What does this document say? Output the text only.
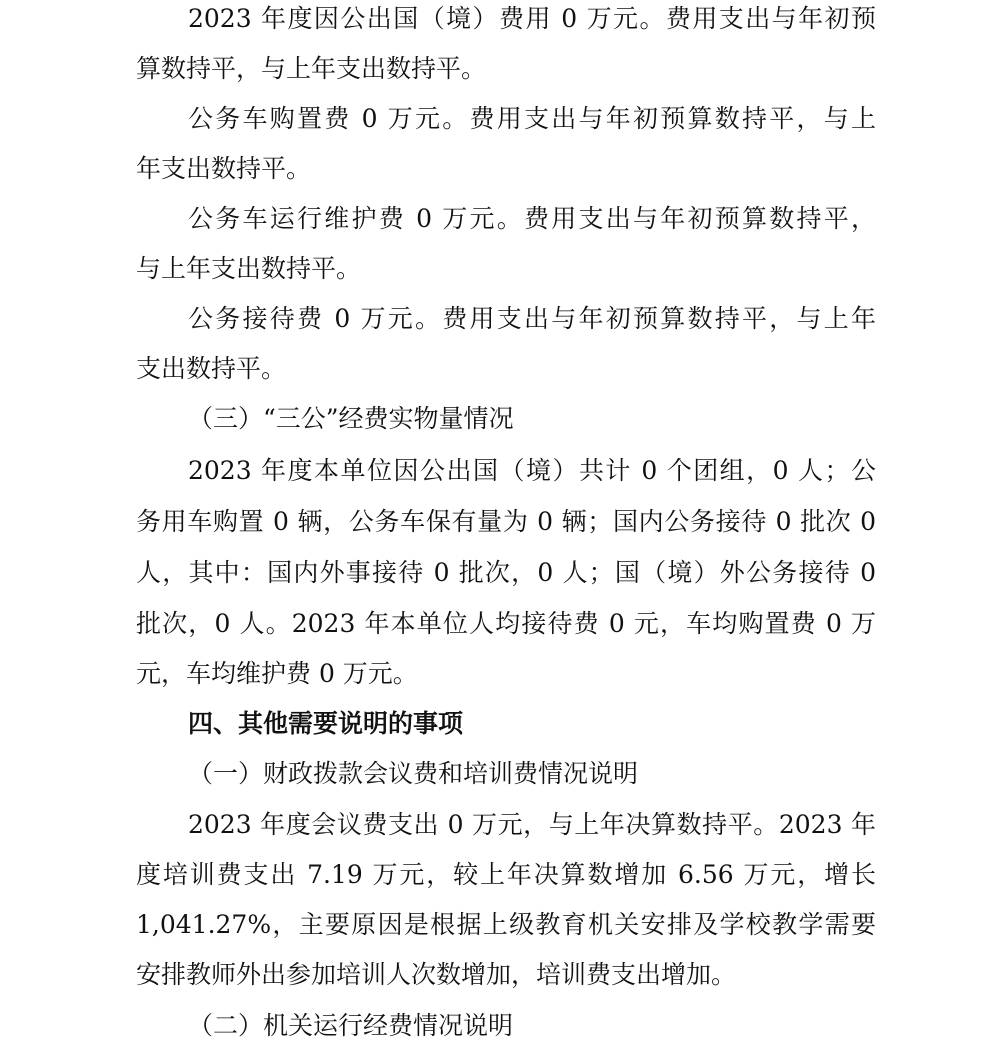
2023 年度因公出国（境）费用 0 万元。费用支出与年初预
算数持平，与上年支出数持平。
公务车购置费 0 万元。费用支出与年初预算数持平，与上
年支出数持平。
公务车运行维护费 0 万元。费用支出与年初预算数持平，
与上年支出数持平。
公务接待费 0 万元。费用支出与年初预算数持平，与上年
支出数持平。
（三）“三公”经费实物量情况
2023 年度本单位因公出国（境）共计 0 个团组，0 人；公
务用车购置 0 辆，公务车保有量为 0 辆；国内公务接待 0 批次 0
人，其中：国内外事接待 0 批次，0 人；国（境）外公务接待 0
批次，0 人。2023 年本单位人均接待费 0 元，车均购置费 0 万
元，车均维护费 0 万元。
四、其他需要说明的事项
（一）财政拨款会议费和培训费情况说明
2023 年度会议费支出 0 万元，与上年决算数持平。2023 年
度培训费支出 7.19 万元，较上年决算数增加 6.56 万元，增长
1,041.27%，主要原因是根据上级教育机关安排及学校教学需要
安排教师外出参加培训人次数增加，培训费支出增加。
（二）机关运行经费情况说明
